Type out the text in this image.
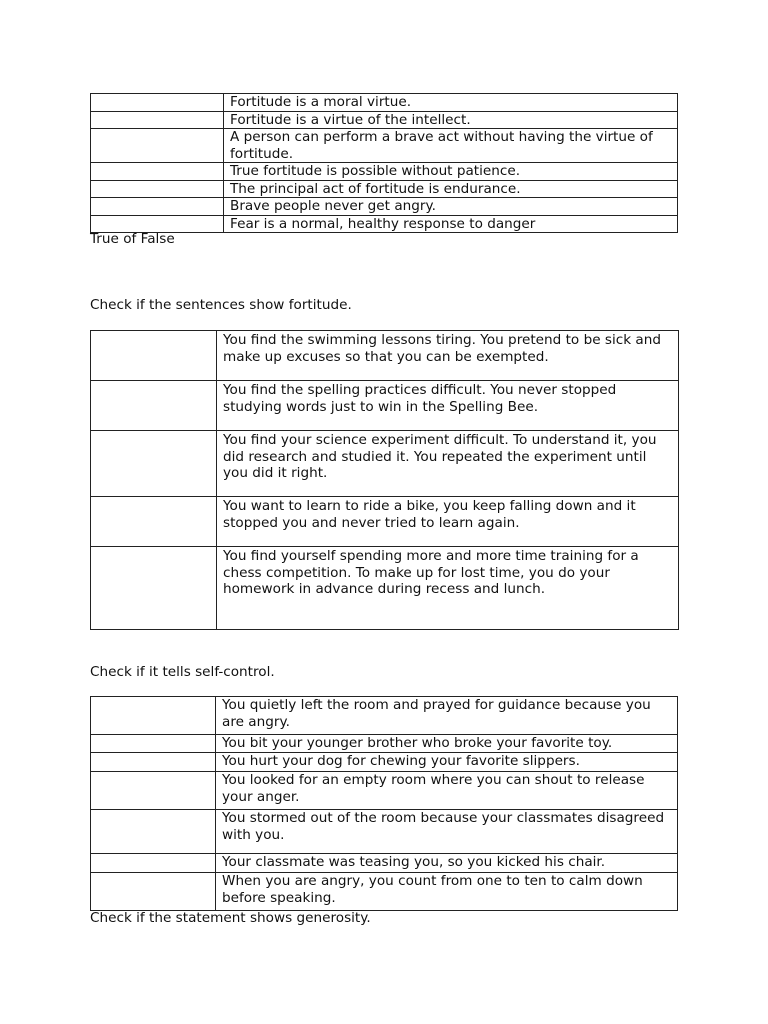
	Fortitude is a moral virtue.
	Fortitude is a virtue of the intellect.
	A person can perform a brave act without having the virtue of fortitude.
	True fortitude is possible without patience.
	The principal act of fortitude is endurance.
	Brave people never get angry.
	Fear is a normal, healthy response to danger
True of False
Check if the sentences show fortitude.
	You find the swimming lessons tiring. You pretend to be sick and make up excuses so that you can be exempted.
	You find the spelling practices difficult. You never stopped studying words just to win in the Spelling Bee.
	You find your science experiment difficult. To understand it, you did research and studied it. You repeated the experiment until you did it right.
	You want to learn to ride a bike, you keep falling down and it stopped you and never tried to learn again.
	You find yourself spending more and more time training for a chess competition. To make up for lost time, you do your homework in advance during recess and lunch.
Check if it tells self-control.
	You quietly left the room and prayed for guidance because you are angry.
	You bit your younger brother who broke your favorite toy.
	You hurt your dog for chewing your favorite slippers.
	You looked for an empty room where you can shout to release your anger.
	You stormed out of the room because your classmates disagreed with you.
	Your classmate was teasing you, so you kicked his chair.
	When you are angry, you count from one to ten to calm down before speaking.
Check if the statement shows generosity.
